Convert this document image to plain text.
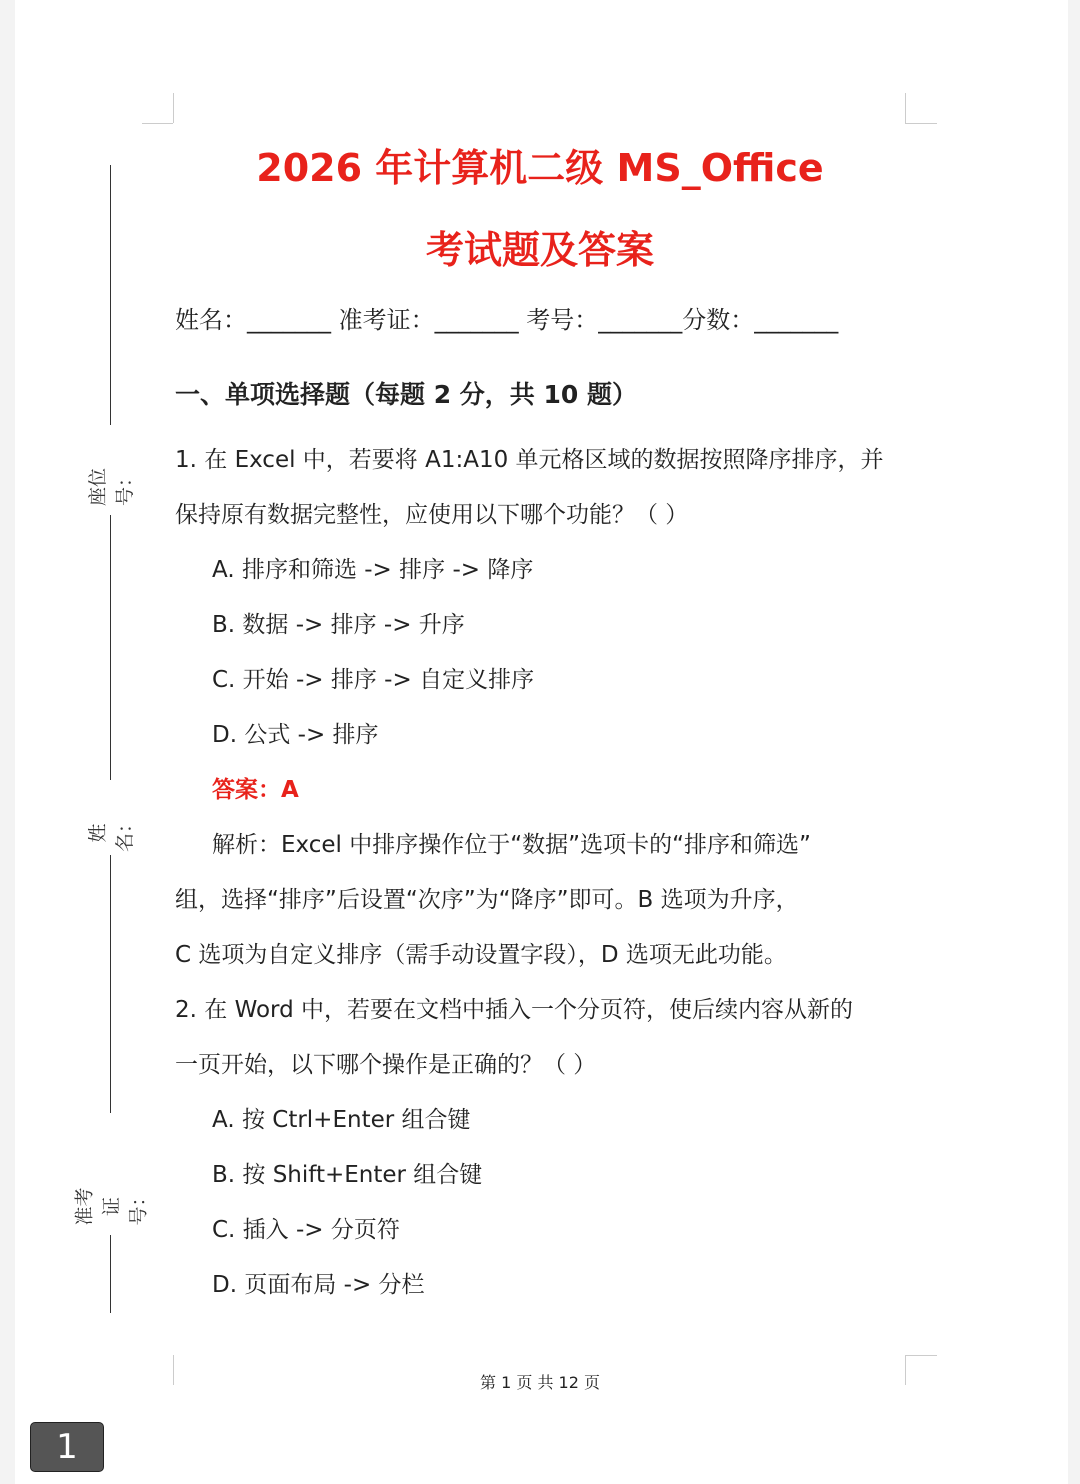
座位号：
姓名：
准考证号：
2026 年计算机二级 MS_Office
考试题及答案
姓名：_______ 准考证：_______ 考号：_______分数：_______
一、单项选择题（每题 2 分，共 10 题）
1. 在 Excel 中，若要将 A1:A10 单元格区域的数据按照降序排序，并
保持原有数据完整性，应使用以下哪个功能？（ ）
A. 排序和筛选 -> 排序 -> 降序
B. 数据 -> 排序 -> 升序
C. 开始 -> 排序 -> 自定义排序
D. 公式 -> 排序
答案：A
解析：Excel 中排序操作位于“数据”选项卡的“排序和筛选”
组，选择“排序”后设置“次序”为“降序”即可。B 选项为升序，
C 选项为自定义排序（需手动设置字段），D 选项无此功能。
2. 在 Word 中，若要在文档中插入一个分页符，使后续内容从新的
一页开始，以下哪个操作是正确的？（ ）
A. 按 Ctrl+Enter 组合键
B. 按 Shift+Enter 组合键
C. 插入 -> 分页符
D. 页面布局 -> 分栏
第 1 页 共 12 页
1
